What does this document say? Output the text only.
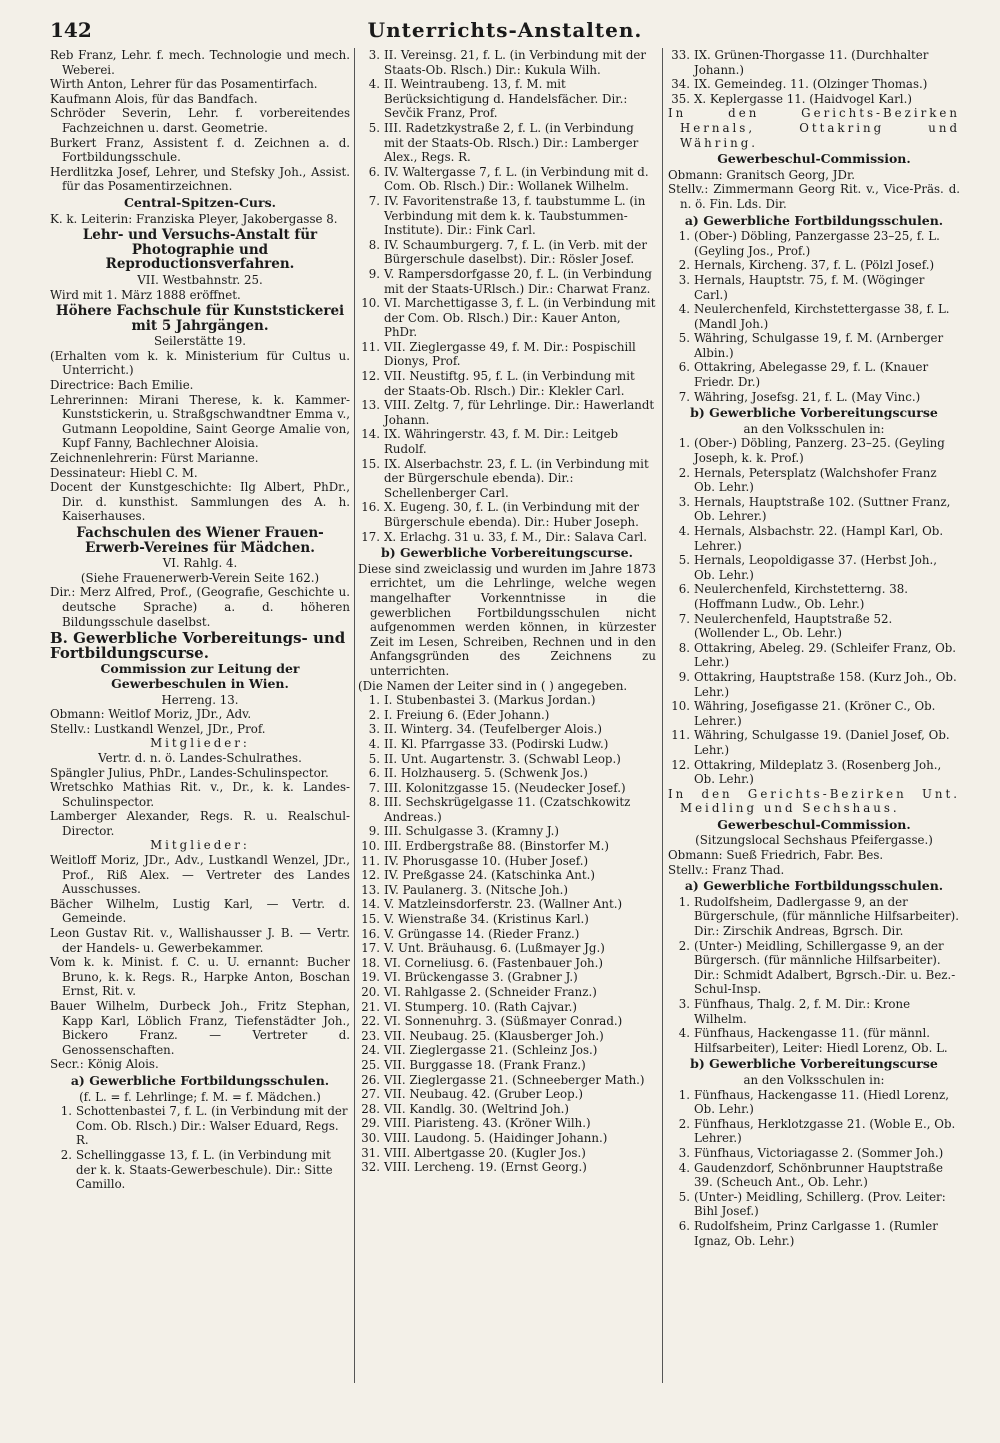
142	Unterrichts-Anstalten.

Reb Franz, Lehr. f. mech. Technologie und mech. Weberei.

Wirth Anton, Lehrer für das Posamentirfach.

Kaufmann Alois, für das Bandfach.

Schröder Severin, Lehr. f. vorbereitendes Fachzeichnen u. darst. Geometrie.

Burkert Franz, Assistent f. d. Zeichnen a. d. Fortbildungsschule.

Herdlitzka Josef, Lehrer, und Stefsky Joh., Assist. für das Posamentirzeichnen.

Central-Spitzen-Curs.

K. k. Leiterin: Franziska Pleyer, Jakobergasse 8.

Lehr- und Versuchs-Anstalt für Photographie und Reproductionsverfahren.
VII. Westbahnstr. 25.

Wird mit 1. März 1888 eröffnet.

Höhere Fachschule für Kunststickerei mit 5 Jahrgängen.
Seilerstätte 19.

(Erhalten vom k. k. Ministerium für Cultus u. Unterricht.)

Directrice: Bach Emilie.

Lehrerinnen: Mirani Therese, k. k. Kammer-Kunststickerin, u. Straßgschwandtner Emma v., Gutmann Leopoldine, Saint George Amalie von, Kupf Fanny, Bachlechner Aloisia.

Zeichnenlehrerin: Fürst Marianne.

Dessinateur: Hiebl C. M.

Docent der Kunstgeschichte: Ilg Albert, PhDr., Dir. d. kunsthist. Sammlungen des A. h. Kaiserhauses.

Fachschulen des Wiener Frauen-Erwerb-Vereines für Mädchen.
VI. Rahlg. 4.
(Siehe Frauenerwerb-Verein Seite 162.)

Dir.: Merz Alfred, Prof., (Geografie, Geschichte u. deutsche Sprache) a. d. höheren Bildungsschule daselbst.

B. Gewerbliche Vorbereitungs- und Fortbildungscurse.
Commission zur Leitung der Gewerbeschulen in Wien.
Herreng. 13.

Obmann: Weitlof Moriz, JDr., Adv.

Stellv.: Lustkandl Wenzel, JDr., Prof.

Mitglieder:
Vertr. d. n. ö. Landes-Schulrathes.

Spängler Julius, PhDr., Landes-Schulinspector.

Wretschko Mathias Rit. v., Dr., k. k. Landes-Schulinspector.

Lamberger Alexander, Regs. R. u. Realschul-Director.

Mitglieder:

Weitloff Moriz, JDr., Adv., Lustkandl Wenzel, JDr., Prof., Riß Alex. — Vertreter des Landes Ausschusses.

Bächer Wilhelm, Lustig Karl, — Vertr. d. Gemeinde.

Leon Gustav Rit. v., Wallishausser J. B. — Vertr. der Handels- u. Gewerbekammer.

Vom k. k. Minist. f. C. u. U. ernannt: Bucher Bruno, k. k. Regs. R., Harpke Anton, Boschan Ernst, Rit. v.

Bauer Wilhelm, Durbeck Joh., Fritz Stephan, Kapp Karl, Löblich Franz, Tiefenstädter Joh., Bickero Franz. — Vertreter d. Genossenschaften.

Secr.: König Alois.

a) Gewerbliche Fortbildungsschulen.
(f. L. = f. Lehrlinge; f. M. = f. Mädchen.)
1. Schottenbastei 7, f. L. (in Verbindung mit der Com. Ob. Rlsch.) Dir.: Walser Eduard, Regs. R.
2. Schellinggasse 13, f. L. (in Verbindung mit der k. k. Staats-Gewerbeschule). Dir.: Sitte Camillo.
3. II. Vereinsg. 21, f. L. (in Verbindung mit der Staats-Ob. Rlsch.) Dir.: Kukula Wilh.
4. II. Weintraubeng. 13, f. M. mit Berücksichtigung d. Handelsfächer. Dir.: Sevčik Franz, Prof.
5. III. Radetzkystraße 2, f. L. (in Verbindung mit der Staats-Ob. Rlsch.) Dir.: Lamberger Alex., Regs. R.
6. IV. Waltergasse 7, f. L. (in Verbindung mit d. Com. Ob. Rlsch.) Dir.: Wollanek Wilhelm.
7. IV. Favoritenstraße 13, f. taubstumme L. (in Verbindung mit dem k. k. Taubstummen-Institute). Dir.: Fink Carl.
8. IV. Schaumburgerg. 7, f. L. (in Verb. mit der Bürgerschule daselbst). Dir.: Rösler Josef.
9. V. Rampersdorfgasse 20, f. L. (in Verbindung mit der Staats-URlsch.) Dir.: Charwat Franz.
10. VI. Marchettigasse 3, f. L. (in Verbindung mit der Com. Ob. Rlsch.) Dir.: Kauer Anton, PhDr.
11. VII. Zieglergasse 49, f. M. Dir.: Pospischill Dionys, Prof.
12. VII. Neustiftg. 95, f. L. (in Verbindung mit der Staats-Ob. Rlsch.) Dir.: Klekler Carl.
13. VIII. Zeltg. 7, für Lehrlinge. Dir.: Hawerlandt Johann.
14. IX. Währingerstr. 43, f. M. Dir.: Leitgeb Rudolf.
15. IX. Alserbachstr. 23, f. L. (in Verbindung mit der Bürgerschule ebenda). Dir.: Schellenberger Carl.
16. X. Eugeng. 30, f. L. (in Verbindung mit der Bürgerschule ebenda). Dir.: Huber Joseph.
17. X. Erlachg. 31 u. 33, f. M., Dir.: Salava Carl.
b) Gewerbliche Vorbereitungscurse.

Diese sind zweiclassig und wurden im Jahre 1873 errichtet, um die Lehrlinge, welche wegen mangelhafter Vorkenntnisse in die gewerblichen Fortbildungsschulen nicht aufgenommen werden können, in kürzester Zeit im Lesen, Schreiben, Rechnen und in den Anfangsgründen des Zeichnens zu unterrichten.

(Die Namen der Leiter sind in ( ) angegeben.

1. I. Stubenbastei 3. (Markus Jordan.)
2. I. Freiung 6. (Eder Johann.)
3. II. Winterg. 34. (Teufelberger Alois.)
4. II. Kl. Pfarrgasse 33. (Podirski Ludw.)
5. II. Unt. Augartenstr. 3. (Schwabl Leop.)
6. II. Holzhauserg. 5. (Schwenk Jos.)
7. III. Kolonitzgasse 15. (Neudecker Josef.)
8. III. Sechskrügelgasse 11. (Czatschkowitz Andreas.)
9. III. Schulgasse 3. (Kramny J.)
10. III. Erdbergstraße 88. (Binstorfer M.)
11. IV. Phorusgasse 10. (Huber Josef.)
12. IV. Preßgasse 24. (Katschinka Ant.)
13. IV. Paulanerg. 3. (Nitsche Joh.)
14. V. Matzleinsdorferstr. 23. (Wallner Ant.)
15. V. Wienstraße 34. (Kristinus Karl.)
16. V. Grüngasse 14. (Rieder Franz.)
17. V. Unt. Bräuhausg. 6. (Lußmayer Jg.)
18. VI. Corneliusg. 6. (Fastenbauer Joh.)
19. VI. Brückengasse 3. (Grabner J.)
20. VI. Rahlgasse 2. (Schneider Franz.)
21. VI. Stumperg. 10. (Rath Cajvar.)
22. VI. Sonnenuhrg. 3. (Süßmayer Conrad.)
23. VII. Neubaug. 25. (Klausberger Joh.)
24. VII. Zieglergasse 21. (Schleinz Jos.)
25. VII. Burggasse 18. (Frank Franz.)
26. VII. Zieglergasse 21. (Schneeberger Math.)
27. VII. Neubaug. 42. (Gruber Leop.)
28. VII. Kandlg. 30. (Weltrind Joh.)
29. VIII. Piaristeng. 43. (Kröner Wilh.)
30. VIII. Laudong. 5. (Haidinger Johann.)
31. VIII. Albertgasse 20. (Kugler Jos.)
32. VIII. Lercheng. 19. (Ernst Georg.)
33. IX. Grünen-Thorgasse 11. (Durchhalter Johann.)
34. IX. Gemeindeg. 11. (Olzinger Thomas.)
35. X. Keplergasse 11. (Haidvogel Karl.)

In den Gerichts-Bezirken Hernals, Ottakring und Währing.

Gewerbeschul-Commission.

Obmann: Granitsch Georg, JDr.

Stellv.: Zimmermann Georg Rit. v., Vice-Präs. d. n. ö. Fin. Lds. Dir.

a) Gewerbliche Fortbildungsschulen.
1. (Ober-) Döbling, Panzergasse 23–25, f. L. (Geyling Jos., Prof.)
2. Hernals, Kircheng. 37, f. L. (Pölzl Josef.)
3. Hernals, Hauptstr. 75, f. M. (Wöginger Carl.)
4. Neulerchenfeld, Kirchstettergasse 38, f. L. (Mandl Joh.)
5. Währing, Schulgasse 19, f. M. (Arnberger Albin.)
6. Ottakring, Abelegasse 29, f. L. (Knauer Friedr. Dr.)
7. Währing, Josefsg. 21, f. L. (May Vinc.)
b) Gewerbliche Vorbereitungscurse
an den Volksschulen in:
1. (Ober-) Döbling, Panzerg. 23–25. (Geyling Joseph, k. k. Prof.)
2. Hernals, Petersplatz (Walchshofer Franz Ob. Lehr.)
3. Hernals, Hauptstraße 102. (Suttner Franz, Ob. Lehrer.)
4. Hernals, Alsbachstr. 22. (Hampl Karl, Ob. Lehrer.)
5. Hernals, Leopoldigasse 37. (Herbst Joh., Ob. Lehr.)
6. Neulerchenfeld, Kirchstetterng. 38. (Hoffmann Ludw., Ob. Lehr.)
7. Neulerchenfeld, Hauptstraße 52. (Wollender L., Ob. Lehr.)
8. Ottakring, Abeleg. 29. (Schleifer Franz, Ob. Lehr.)
9. Ottakring, Hauptstraße 158. (Kurz Joh., Ob. Lehr.)
10. Währing, Josefigasse 21. (Kröner C., Ob. Lehrer.)
11. Währing, Schulgasse 19. (Daniel Josef, Ob. Lehr.)
12. Ottakring, Mildeplatz 3. (Rosenberg Joh., Ob. Lehr.)

In den Gerichts-Bezirken Unt. Meidling und Sechshaus.

Gewerbeschul-Commission.
(Sitzungslocal Sechshaus Pfeifergasse.)

Obmann: Sueß Friedrich, Fabr. Bes.

Stellv.: Franz Thad.

a) Gewerbliche Fortbildungsschulen.
1. Rudolfsheim, Dadlergasse 9, an der Bürgerschule, (für männliche Hilfsarbeiter). Dir.: Zirschik Andreas, Bgrsch. Dir.
2. (Unter-) Meidling, Schillergasse 9, an der Bürgersch. (für männliche Hilfsarbeiter). Dir.: Schmidt Adalbert, Bgrsch.-Dir. u. Bez.-Schul-Insp.
3. Fünfhaus, Thalg. 2, f. M. Dir.: Krone Wilhelm.
4. Fünfhaus, Hackengasse 11. (für männl. Hilfsarbeiter), Leiter: Hiedl Lorenz, Ob. L.
b) Gewerbliche Vorbereitungscurse
an den Volksschulen in:
1. Fünfhaus, Hackengasse 11. (Hiedl Lorenz, Ob. Lehr.)
2. Fünfhaus, Herklotzgasse 21. (Woble E., Ob. Lehrer.)
3. Fünfhaus, Victoriagasse 2. (Sommer Joh.)
4. Gaudenzdorf, Schönbrunner Hauptstraße 39. (Scheuch Ant., Ob. Lehr.)
5. (Unter-) Meidling, Schillerg. (Prov. Leiter: Bihl Josef.)
6. Rudolfsheim, Prinz Carlgasse 1. (Rumler Ignaz, Ob. Lehr.)
